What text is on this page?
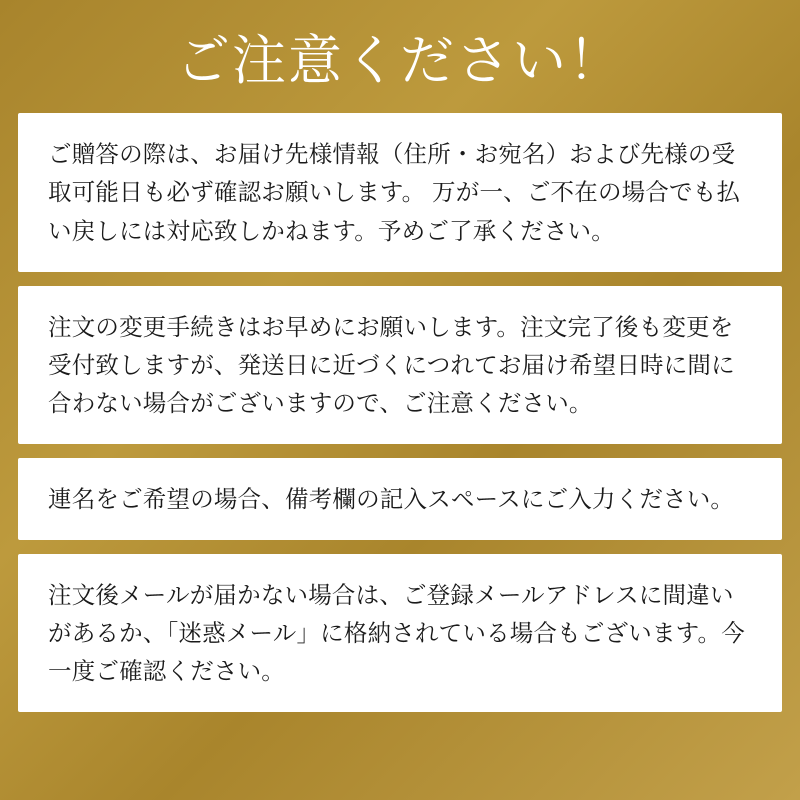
ご注意ください！

ご贈答の際は、お届け先様情報（住所・お宛名）および先様の受取可能日も必ず確認お願いします。 万が一、ご不在の場合でも払い戻しには対応致しかねます。予めご了承ください。

注文の変更手続きはお早めにお願いします。注文完了後も変更を受付致しますが、発送日に近づくにつれてお届け希望日時に間に合わない場合がございますので、ご注意ください。

連名をご希望の場合、備考欄の記入スペースにご入力ください。

注文後メールが届かない場合は、ご登録メールアドレスに間違いがあるか、「迷惑メール」に格納されている場合もございます。今一度ご確認ください。
